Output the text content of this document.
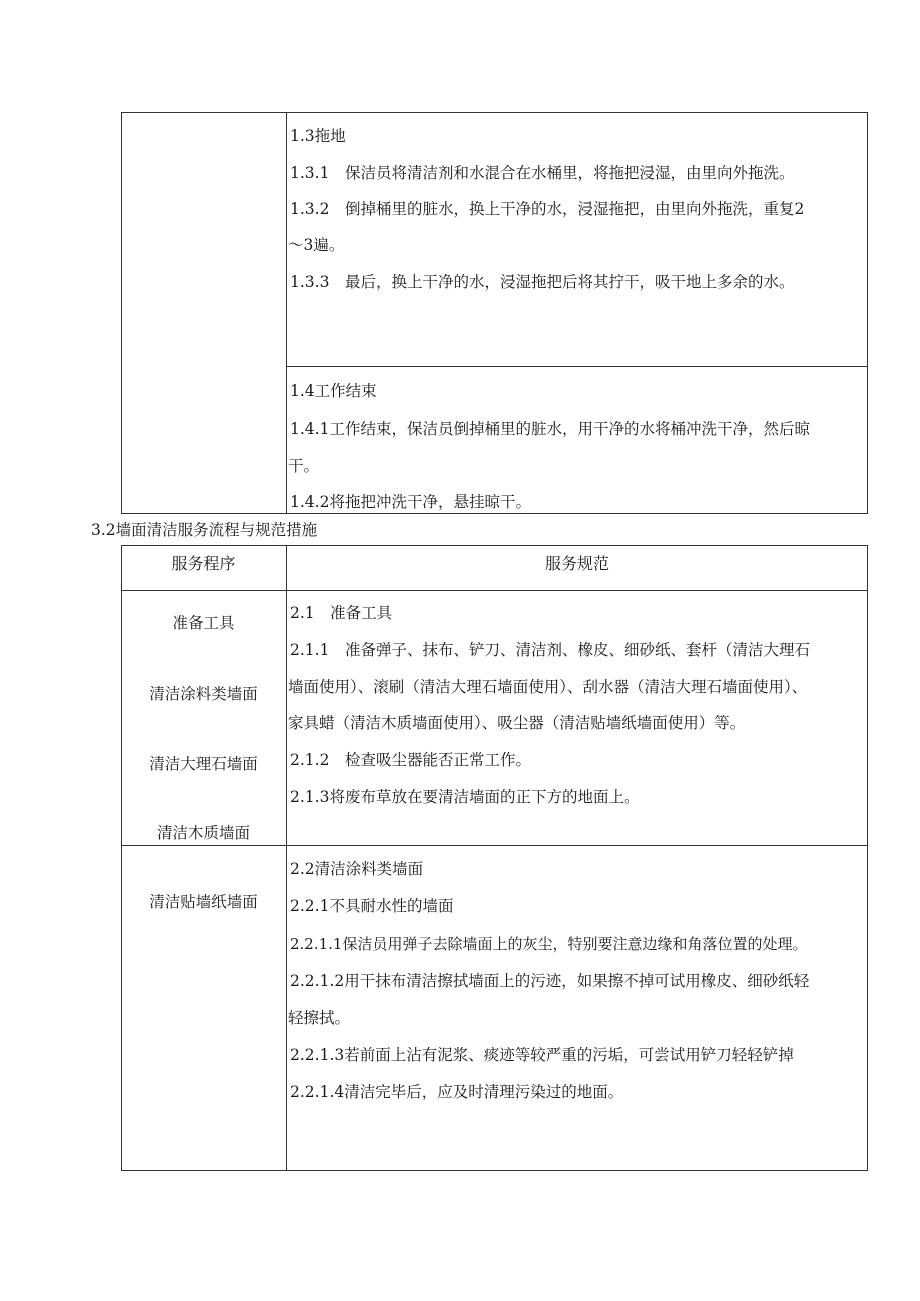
1.3拖地
1.3.1　保洁员将清洁剂和水混合在水桶里，将拖把浸湿，由里向外拖洗。
1.3.2　倒掉桶里的脏水，换上干净的水，浸湿拖把，由里向外拖洗，重复2
～3遍。
1.3.3　最后，换上干净的水，浸湿拖把后将其拧干，吸干地上多余的水。
1.4工作结束
1.4.1工作结束，保洁员倒掉桶里的脏水，用干净的水将桶冲洗干净，然后晾
干。
1.4.2将拖把冲洗干净，悬挂晾干。
3.2墙面清洁服务流程与规范措施
服务程序	服务规范
准备工具
清洁涂料类墙面
清洁大理石墙面
清洁木质墙面
清洁贴墙纸墙面
2.1　准备工具
2.1.1　准备弹子、抹布、铲刀、清洁剂、橡皮、细砂纸、套杆（清洁大理石
墙面使用）、滚刷（清洁大理石墙面使用）、刮水器（清洁大理石墙面使用）、
家具蜡（清洁木质墙面使用）、吸尘器（清洁贴墙纸墙面使用）等。
2.1.2　检查吸尘器能否正常工作。
2.1.3将废布草放在要清洁墙面的正下方的地面上。
2.2清洁涂料类墙面
2.2.1不具耐水性的墙面
2.2.1.1保洁员用弹子去除墙面上的灰尘，特别要注意边缘和角落位置的处理。
2.2.1.2用干抹布清洁擦拭墙面上的污迹，如果擦不掉可试用橡皮、细砂纸轻
轻擦拭。
2.2.1.3若前面上沾有泥浆、痰迹等较严重的污垢，可尝试用铲刀轻轻铲掉
2.2.1.4清洁完毕后，应及时清理污染过的地面。
